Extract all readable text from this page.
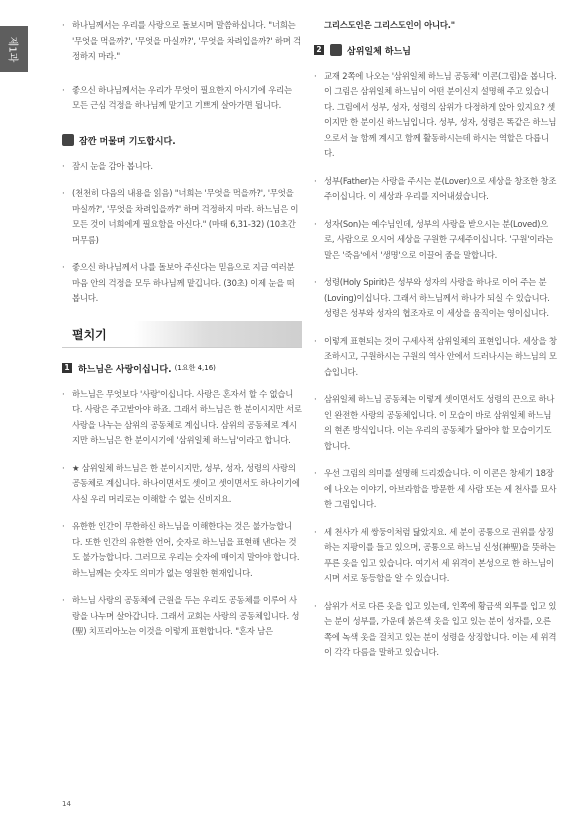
제1과
· 하나님께서는 우리를 사랑으로 돌보시며 말씀하십니다. "너희는 '무엇을 먹을까?', '무엇을 마실까?', '무엇을 차려입을까?' 하며 걱정하지 마라."
· 좋으신 하나님께서는 우리가 무엇이 필요한지 아시기에 우리는 모든 근심 걱정을 하나님께 맡기고 기쁘게 살아가면 됩니다.
잠깐 머물며 기도합시다.
· 잠시 눈을 감아 봅니다.
· (천천히 다음의 내용을 읽음) "너희는 '무엇을 먹을까?', '무엇을 마실까?', '무엇을 차려입을까?' 하며 걱정하지 마라. 하느님은 이 모든 것이 너희에게 필요함을 아신다." (마태 6,31-32) (10초간 머무름)
· 좋으신 하나님께서 나를 돌보아 주신다는 믿음으로 지금 여러분 마음 안의 걱정을 모두 하나님께 맡깁니다. (30초) 이제 눈을 떠봅니다.
펼치기
1 하느님은 사랑이십니다.
(1요한 4,16)
· 하느님은 무엇보다 '사랑'이십니다. 사랑은 혼자서 할 수 없습니다. 사랑은 주고받아야 하죠. 그래서 하느님은 한 분이시지만 서로 사랑을 나누는 삼위의 공동체로 계십니다. 삼위의 공동체로 계시지만 하느님은 한 분이시기에 '삼위일체 하느님'이라고 합니다.
· ★ 삼위일체 하느님은 한 분이시지만, 성부, 성자, 성령의 사랑의 공동체로 계십니다. 하나이면서도 셋이고 셋이면서도 하나이기에 사실 우리 머리로는 이해할 수 없는 신비지요.
· 유한한 인간이 무한하신 하느님을 이해한다는 것은 불가능합니다. 또한 인간의 유한한 언어, 숫자로 하느님을 표현해 낸다는 것도 불가능합니다. 그러므로 우리는 숫자에 매이지 말아야 합니다. 하느님께는 숫자도 의미가 없는 영원한 현재입니다.
· 하느님 사랑의 공동체에 근원을 두는 우리도 공동체를 이루어 사랑을 나누며 살아갑니다. 그래서 교회는 사랑의 공동체입니다. 성(聖) 치프리아노는 이것을 이렇게 표현합니다. "혼자 남은
그리스도인은 그리스도인이 아니다."
2	삼위일체 하느님
· 교재 2쪽에 나오는 '삼위일체 하느님 공동체' 이콘(그림)을 봅니다. 이 그림은 삼위일체 하느님이 어떤 분이신지 설명해 주고 있습니다. 그림에서 성부, 성자, 성령의 삼위가 다정하게 앉아 있지요? 셋이지만 한 분이신 하느님입니다. 성부, 성자, 성령은 똑같은 하느님으로서 늘 함께 계시고 함께 활동하시는데 하시는 역할은 다릅니다.
· 성부(Father)는 사랑을 주시는 분(Lover)으로 세상을 창조한 창조주이십니다. 이 세상과 우리를 지어내셨습니다.
· 성자(Son)는 예수님인데, 성부의 사랑을 받으시는 분(Loved)으로, 사람으로 오시어 세상을 구원한 구세주이십니다. '구원'이라는 말은 '죽음'에서 '생명'으로 이끌어 줌을 말합니다.
· 성령(Holy Spirit)은 성부와 성자의 사랑을 하나로 이어 주는 분(Loving)이십니다. 그래서 하느님께서 하나가 되실 수 있습니다. 성령은 성부와 성자의 협조자로 이 세상을 움직이는 영이십니다.
· 이렇게 표현되는 것이 구세사적 삼위일체의 표현입니다. 세상을 창조하시고, 구원하시는 구원의 역사 안에서 드러나시는 하느님의 모습입니다.
· 삼위일체 하느님 공동체는 이렇게 셋이면서도 성령의 끈으로 하나인 완전한 사랑의 공동체입니다. 이 모습이 바로 삼위일체 하느님의 현존 방식입니다. 이는 우리의 공동체가 닮아야 할 모습이기도 합니다.
· 우선 그림의 의미를 설명해 드리겠습니다. 이 이콘은 창세기 18장에 나오는 이야기, 아브라함을 방문한 세 사람 또는 세 천사를 묘사한 그림입니다.
· 세 천사가 세 쌍둥이처럼 닮았지요. 세 분이 공통으로 권위를 상징하는 지팡이를 들고 있으며, 공통으로 하느님 신성(神聖)을 뜻하는 푸른 옷을 입고 있습니다. 여기서 세 위격이 본성으로 한 하느님이시며 서로 동등함을 알 수 있습니다.
· 삼위가 서로 다른 옷을 입고 있는데, 인쪽에 황금색 외투를 입고 있는 분이 성부를, 가운데 붉은색 옷을 입고 있는 분이 성자를, 오른쪽에 녹색 옷을 걸치고 있는 분이 성령을 상징합니다. 이는 세 위격이 각각 다름을 말하고 있습니다.
14
